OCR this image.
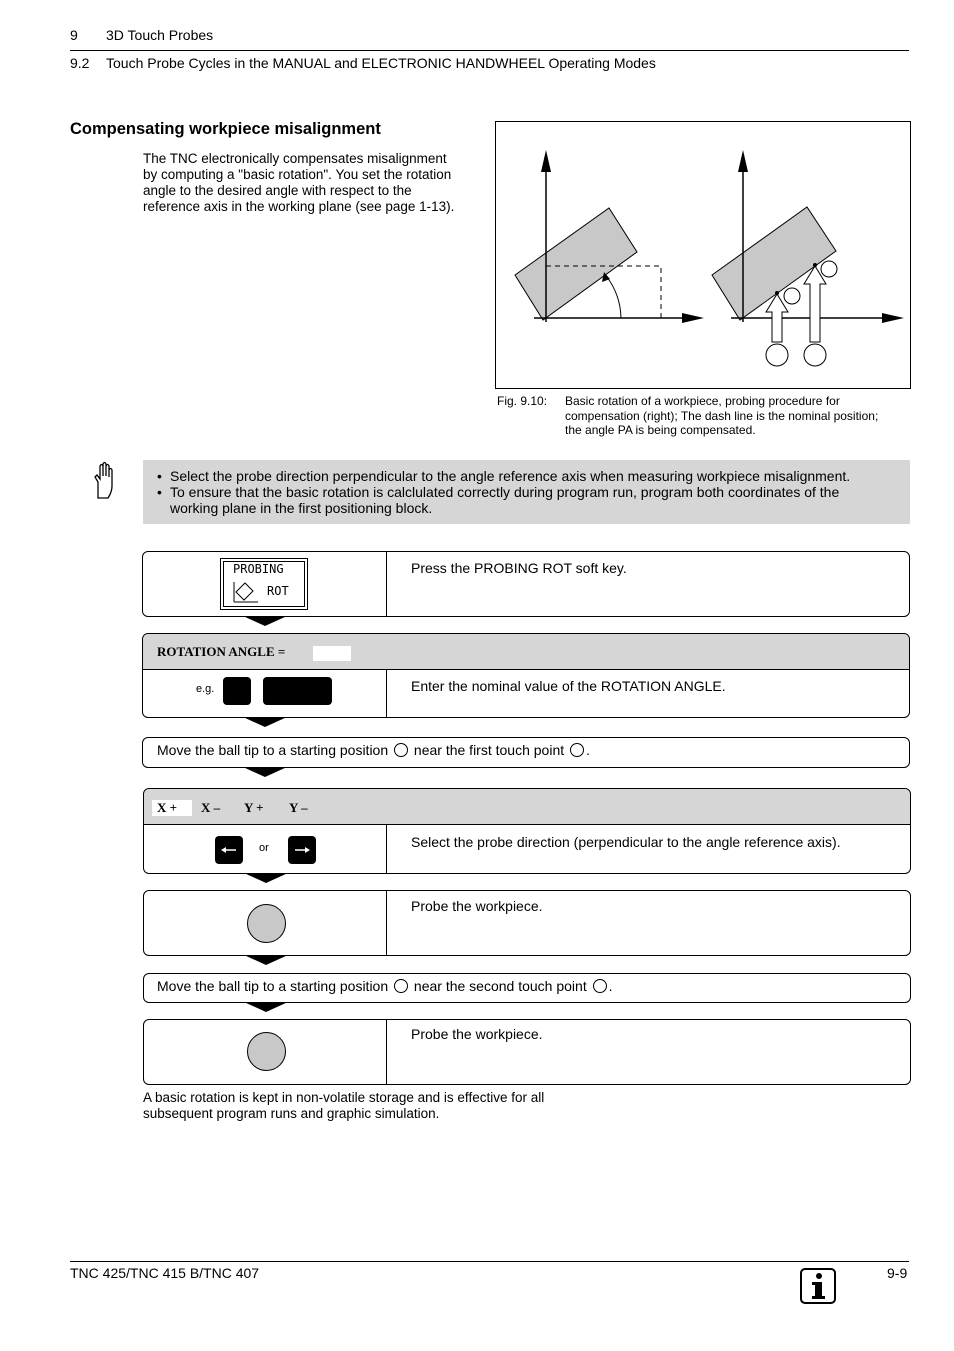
9 3D Touch Probes
9.2 Touch Probe Cycles in the MANUAL and ELECTRONIC HANDWHEEL Operating Modes
Compensating workpiece misalignment
The TNC electronically compensates misalignment
by computing a "basic rotation". You set the rotation
angle to the desired angle with respect to the
reference axis in the working plane (see page 1-13).
Fig. 9.10: Basic rotation of a workpiece, probing procedure for
compensation (right); The dash line is the nominal position;
the angle PA is being compensated.
• Select the probe direction perpendicular to the angle reference axis when measuring workpiece misalignment.
• To ensure that the basic rotation is calclulated correctly during program run, program both coordinates of the
working plane in the first positioning block.
Press the PROBING ROT soft key.
PROBING
ROT
ROTATION ANGLE =
Enter the nominal value of the ROTATION ANGLE.
e.g.
Move the ball tip to a starting position near the first touch point .
X + X – Y + Y –
Select the probe direction (perpendicular to the angle reference axis).
or
Probe the workpiece.
Move the ball tip to a starting position near the second touch point .
Probe the workpiece.
A basic rotation is kept in non-volatile storage and is effective for all
subsequent program runs and graphic simulation.
TNC 425/TNC 415 B/TNC 407	9-9
